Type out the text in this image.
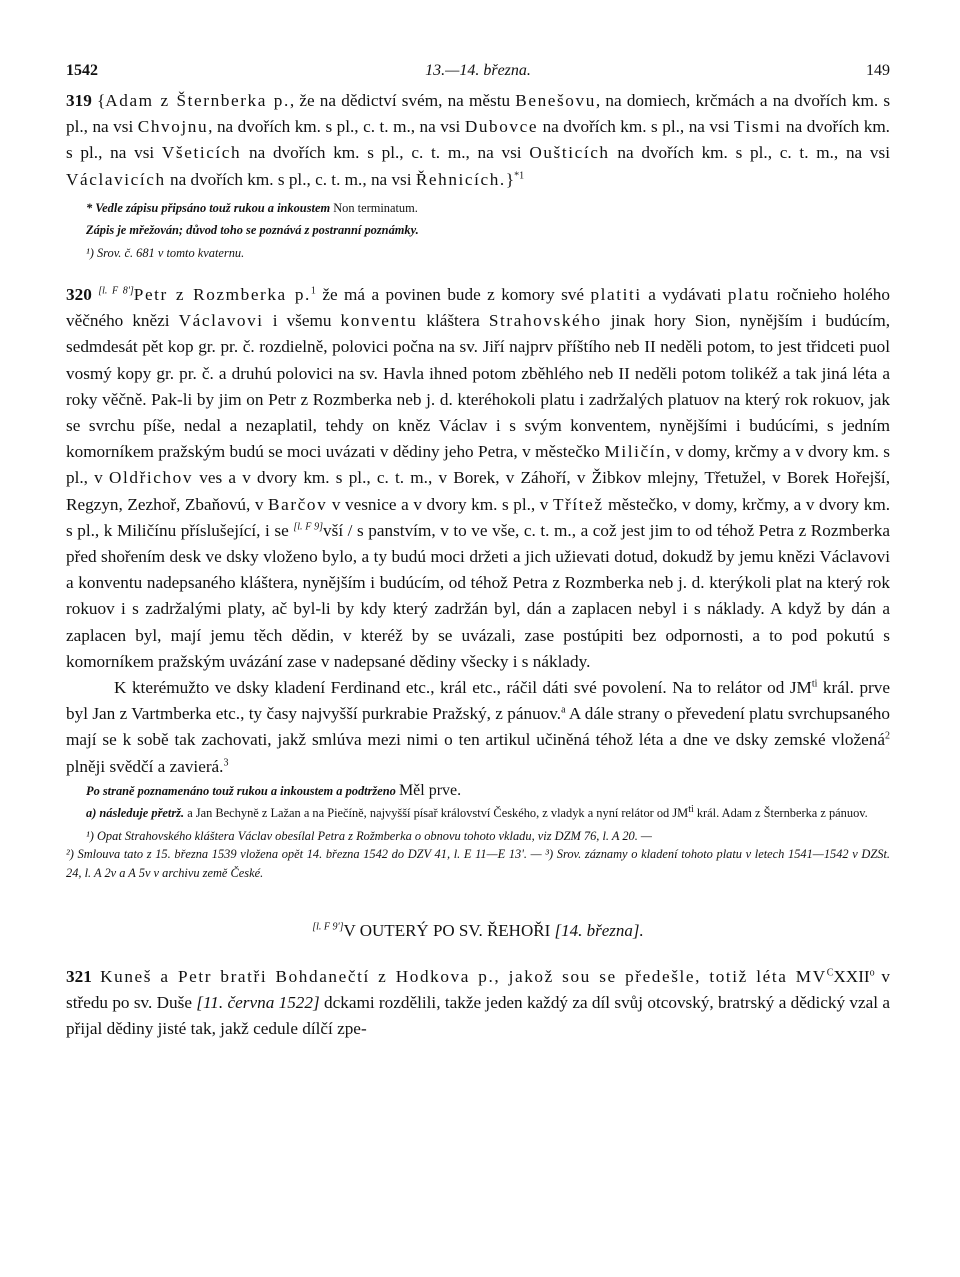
1542	13.—14. března.	149

319 {Adam z Šternberka p., že na dědictví svém, na městu Benešovu, na domiech, krčmách a na dvořích km. s pl., na vsi Chvojnu, na dvořích km. s pl., c. t. m., na vsi Dubovce na dvořích km. s pl., na vsi Tismi na dvořích km. s pl., na vsi Všeticích na dvořích km. s pl., c. t. m., na vsi Oušticích na dvořích km. s pl., c. t. m., na vsi Václavicích na dvořích km. s pl., c. t. m., na vsi Řehnicích.}$^{*1}$

* Vedle zápisu připsáno touž rukou a inkoustem Non terminatum.

Zápis je mřežován; důvod toho se poznává z postranní poznámky.

¹) Srov. č. 681 v tomto kvaternu.

320 [l. F 8']Petr z Rozmberka p.$^1$ že má a povinen bude z komory své platiti a vydávati platu ročnieho holého věčného knězi Václavovi i všemu konventu kláštera Strahovského jinak hory Sion, nynějším i budúcím, sedmdesát pět kop gr. pr. č. rozdielně, polovici počna na sv. Jiří najprv příštího neb II neděli potom, to jest třidceti puol vosmý kopy gr. pr. č. a druhú polovici na sv. Havla ihned potom zběhlého neb II neděli potom tolikéž a tak jiná léta a roky věčně. Pak-li by jim on Petr z Rozmberka neb j. d. kteréhokoli platu i zadržalých platuov na který rok rokuov, jak se svrchu píše, nedal a nezaplatil, tehdy on kněz Václav i s svým konventem, nynějšími i budúcími, s jedním komorníkem pražským budú se moci uvázati v dědiny jeho Petra, v městečko Miličín, v domy, krčmy a v dvory km. s pl., v Oldřichov ves a v dvory km. s pl., c. t. m., v Borek, v Záhoří, v Žibkov mlejny, Třetužel, v Borek Hořejší, Regzyn, Zezhoř, Zbaňovú, v Barčov v vesnice a v dvory km. s pl., v Třítež městečko, v domy, krčmy, a v dvory km. s pl., k Miličínu příslušející, i se [l. F 9]vší / s panstvím, v to ve vše, c. t. m., a což jest jim to od téhož Petra z Rozmberka před shořením desk ve dsky vloženo bylo, a ty budú moci držeti a jich užievati dotud, dokudž by jemu knězi Václavovi a konventu nadepsaného kláštera, nynějším i budúcím, od téhož Petra z Rozmberka neb j. d. kterýkoli plat na který rok rokuov i s zadržalými platy, ač byl-li by kdy který zadržán byl, dán a zaplacen nebyl i s náklady. A když by dán a zaplacen byl, mají jemu těch dědin, v kteréž by se uvázali, zase postúpiti bez odpornosti, a to pod pokutú s komorníkem pražským uvázání zase v nadepsané dědiny všecky i s náklady.

K kterémužto ve dsky kladení Ferdinand etc., král etc., ráčil dáti své povolení. Na to relátor od $JM^{ti}$ král. prve byl Jan z Vartmberka etc., ty časy najvyšší purkrabie Pražský, z pánuov.$^a$ A dále strany o převedení platu svrchupsaného mají se k sobě tak zachovati, jakž smlúva mezi nimi o ten artikul učiněná téhož léta a dne ve dsky zemské vložená$^2$ plněji svědčí a zavierá.$^3$

Po straně poznamenáno touž rukou a inkoustem a podtrženo Měl prve.

a) následuje přetrž. a Jan Bechyně z Lažan a na Piečíně, najvyšší písař království Českého, z vladyk a nyní relátor od $JM^{ti}$ král. Adam z Šternberka z pánuov.

¹) Opat Strahovského kláštera Václav obesílal Petra z Rožmberka o obnovu tohoto vkladu, viz DZM 76, l. A 20. —

²) Smlouva tato z 15. března 1539 vložena opět 14. března 1542 do DZV 41, l. E 11—E 13'. — ³) Srov. záznamy o kladení tohoto platu v letech 1541—1542 v DZSt. 24, l. A 2v a A 5v v archivu země České.

[l. F 9']V OUTERÝ PO SV. ŘEHOŘI [14. března].

321 Kuneš a Petr bratři Bohdanečtí z Hodkova p., jakož sou se předešle, totiž léta $MV^CXXII^o$ v středu po sv. Duše [11. června 1522] dckami rozdělili, takže jeden každý za díl svůj otcovský, bratrský a dědický vzal a přijal dědiny jisté tak, jakž cedule dílčí zpe-
